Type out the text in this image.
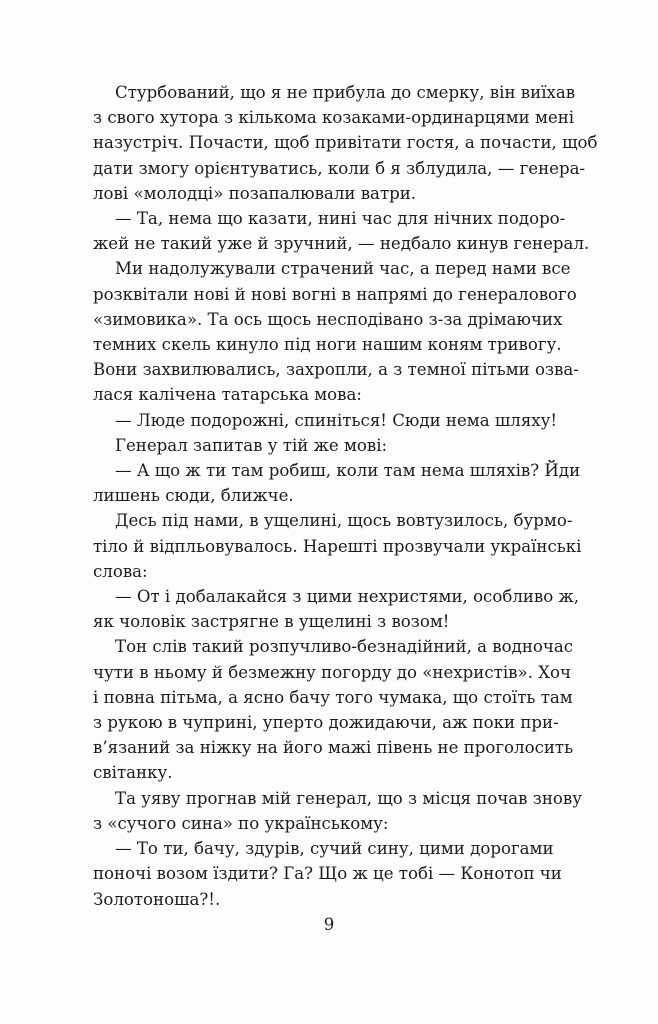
Стурбований, що я не прибула до смерку, він виїхав
з свого хутора з кількома козаками-ординарцями мені
назустріч. Почасти, щоб привітати гостя, а почасти, щоб
дати змогу орієнтуватись, коли б я зблудила, — генера-
лові «молодці» позапалювали ватри.
— Та, нема що казати, нині час для нічних подоро-
жей не такий уже й зручний, — недбало кинув генерал.
Ми надолужували страчений час, а перед нами все
розквітали нові й нові вогні в напрямі до генералового
«зимовика». Та ось щось несподівано з-за дрімаючих
темних скель кинуло під ноги нашим коням тривогу.
Вони захвилювались, захропли, а з темної пітьми озва-
лася калічена татарська мова:
— Люде подорожні, спиніться! Сюди нема шляху!
Генерал запитав у тій же мові:
— А що ж ти там робиш, коли там нема шляхів? Йди
лишень сюди, ближче.
Десь під нами, в ущелині, щось вовтузилось, бурмо-
тіло й відпльовувалось. Нарешті прозвучали українські
слова:
— От і добалакайся з цими нехристями, особливо ж,
як чоловік застрягне в ущелині з возом!
Тон слів такий розпучливо-безнадійний, а водночас
чути в ньому й безмежну погорду до «нехристів». Хоч
і повна пітьма, а ясно бачу того чумака, що стоїть там
з рукою в чуприні, уперто дожидаючи, аж поки при-
в’язаний за ніжку на його мажі півень не проголосить
світанку.
Та уяву прогнав мій генерал, що з місця почав знову
з «сучого сина» по українському:
— То ти, бачу, здурів, сучий сину, цими дорогами
поночі возом їздити? Га? Що ж це тобі — Конотоп чи
Золотоноша?!.
9
